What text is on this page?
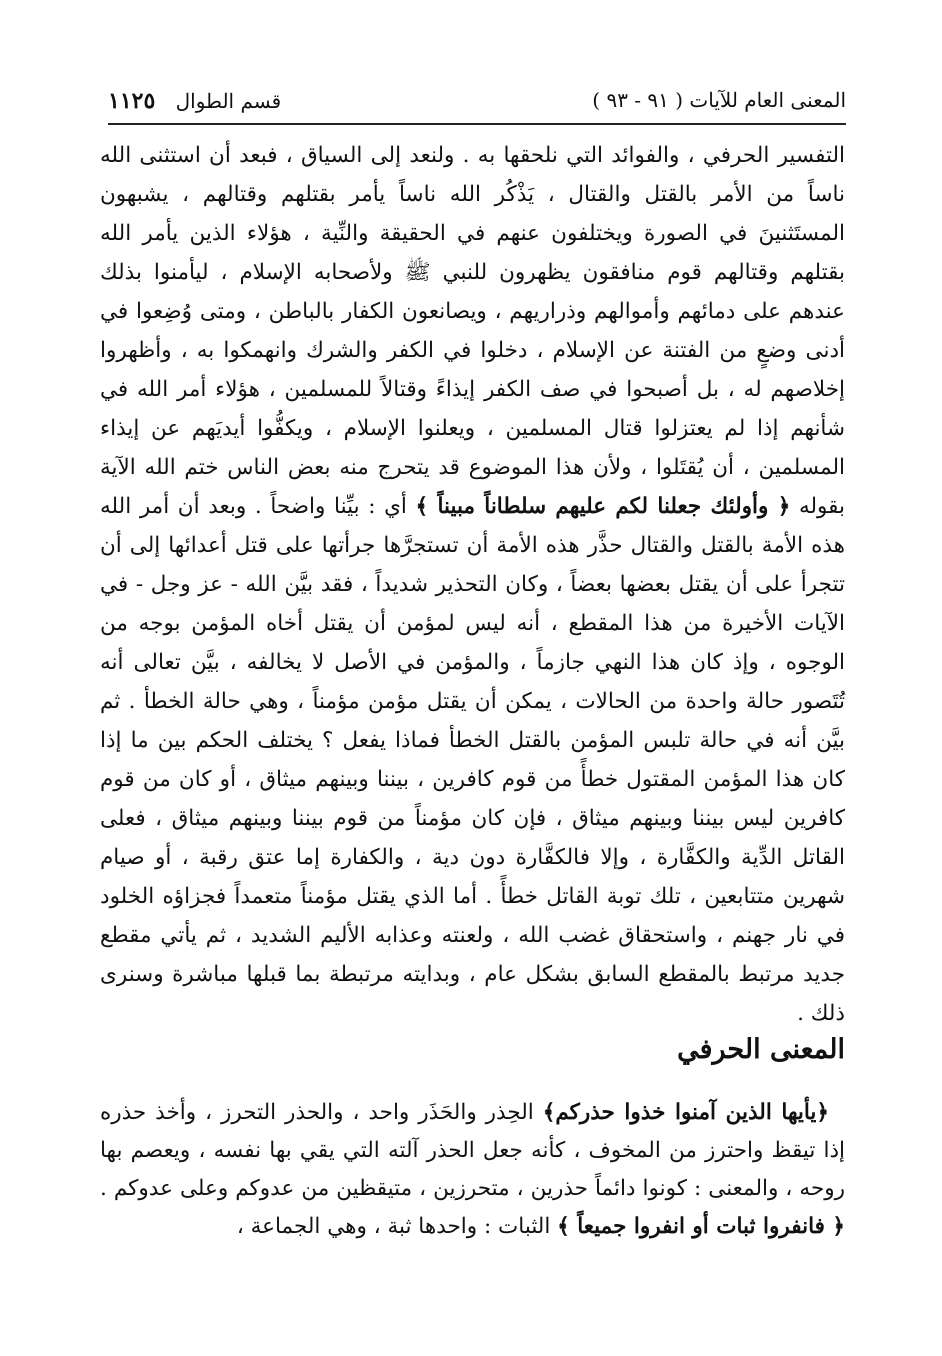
المعنى العام للآيات ( ٩١ - ٩٣ )
قسم الطوال ١١٢٥

التفسير الحرفي ، والفوائد التي نلحقها به . ولنعد إلى السياق ، فبعد أن استثنى الله ناساً من الأمر بالقتل والقتال ، يَذْكُر الله ناساً يأمر بقتلهم وقتالهم ، يشبهون المستَثنينَ في الصورة ويختلفون عنهم في الحقيقة والنِّية ، هؤلاء الذين يأمر الله بقتلهم وقتالهم قوم منافقون يظهرون للنبي ﷺ ولأصحابه الإسلام ، ليأمنوا بذلك عندهم على دمائهم وأموالهم وذراريهم ، ويصانعون الكفار بالباطن ، ومتى وُضِعوا في أدنى وضعٍ من الفتنة عن الإسلام ، دخلوا في الكفر والشرك وانهمكوا به ، وأظهروا إخلاصهم له ، بل أصبحوا في صف الكفر إيذاءً وقتالاً للمسلمين ، هؤلاء أمر الله في شأنهم إذا لم يعتزلوا قتال المسلمين ، ويعلنوا الإسلام ، ويكفُّوا أيديَهم عن إيذاء المسلمين ، أن يُقتَلوا ، ولأن هذا الموضوع قد يتحرج منه بعض الناس ختم الله الآية بقوله ﴿ وأولئك جعلنا لكم عليهم سلطاناً مبيناً ﴾ أي : بيِّنا واضحاً . وبعد أن أمر الله هذه الأمة بالقتل والقتال حذَّر هذه الأمة أن تستجرَّها جرأتها على قتل أعدائها إلى أن تتجرأ على أن يقتل بعضها بعضاً ، وكان التحذير شديداً ، فقد بيَّن الله - عز وجل - في الآيات الأخيرة من هذا المقطع ، أنه ليس لمؤمن أن يقتل أخاه المؤمن بوجه من الوجوه ، وإذ كان هذا النهي جازماً ، والمؤمن في الأصل لا يخالفه ، بيَّن تعالى أنه تُتَصور حالة واحدة من الحالات ، يمكن أن يقتل مؤمن مؤمناً ، وهي حالة الخطأ . ثم بيَّن أنه في حالة تلبس المؤمن بالقتل الخطأ فماذا يفعل ؟ يختلف الحكم بين ما إذا كان هذا المؤمن المقتول خطأً من قوم كافرين ، بيننا وبينهم ميثاق ، أو كان من قوم كافرين ليس بيننا وبينهم ميثاق ، فإن كان مؤمناً من قوم بيننا وبينهم ميثاق ، فعلى القاتل الدِّية والكفَّارة ، وإلا فالكفَّارة دون دية ، والكفارة إما عتق رقبة ، أو صيام شهرين متتابعين ، تلك توبة القاتل خطأً . أما الذي يقتل مؤمناً متعمداً فجزاؤه الخلود في نار جهنم ، واستحقاق غضب الله ، ولعنته وعذابه الأليم الشديد ، ثم يأتي مقطع جديد مرتبط بالمقطع السابق بشكل عام ، وبدايته مرتبطة بما قبلها مباشرة وسنرى ذلك .

المعنى الحرفي

﴿يأيها الذين آمنوا خذوا حذركم﴾ الحِذر والحَذَر واحد ، والحذر التحرز ، وأخذ حذره إذا تيقظ واحترز من المخوف ، كأنه جعل الحذر آلته التي يقي بها نفسه ، ويعصم بها روحه ، والمعنى : كونوا دائماً حذرين ، متحرزين ، متيقظين من عدوكم وعلى عدوكم . ﴿ فانفروا ثبات أو انفروا جميعاً ﴾ الثبات : واحدها ثبة ، وهي الجماعة ،
